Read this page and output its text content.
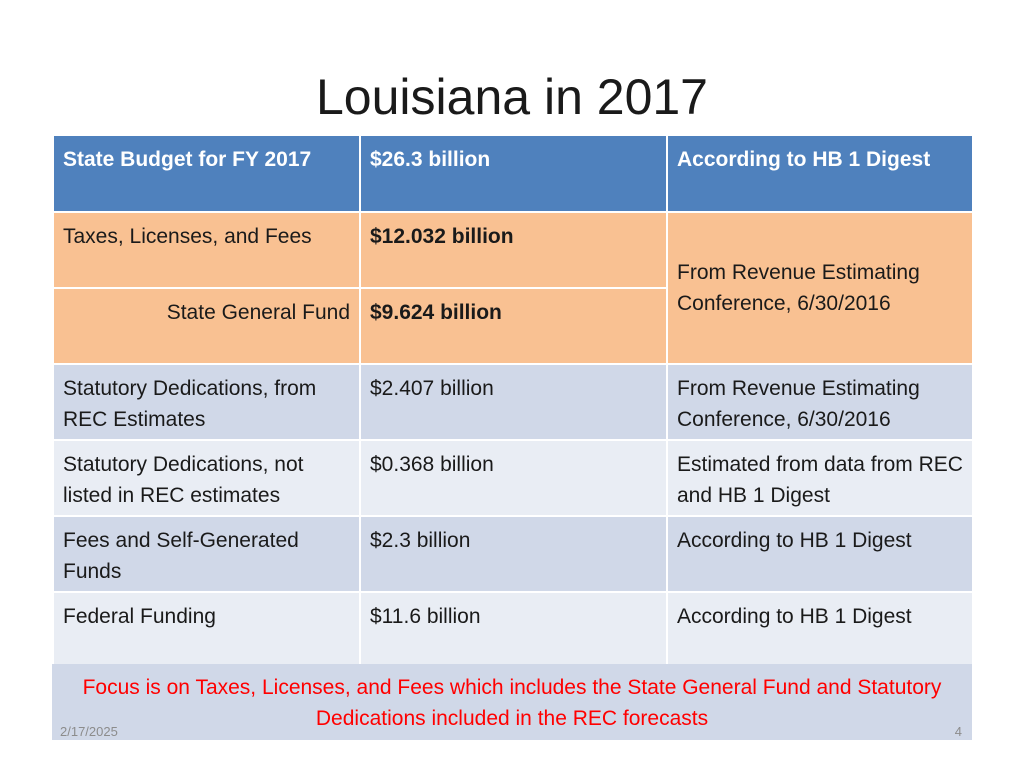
Louisiana in 2017
State Budget for FY 2017	$26.3 billion	According to HB 1 Digest
Taxes, Licenses, and Fees	$12.032 billion	From Revenue Estimating Conference, 6/30/2016
State General Fund	$9.624 billion	
Statutory Dedications, from REC Estimates	$2.407 billion	From Revenue Estimating Conference, 6/30/2016
Statutory Dedications, not listed in REC estimates	$0.368 billion	Estimated from data from REC and HB 1 Digest
Fees and Self-Generated Funds	$2.3 billion	According to HB 1 Digest
Federal Funding	$11.6 billion	According to HB 1 Digest
Focus is on Taxes, Licenses, and Fees which includes the State General Fund and Statutory Dedications included in the REC forecasts
2/17/2025	4
